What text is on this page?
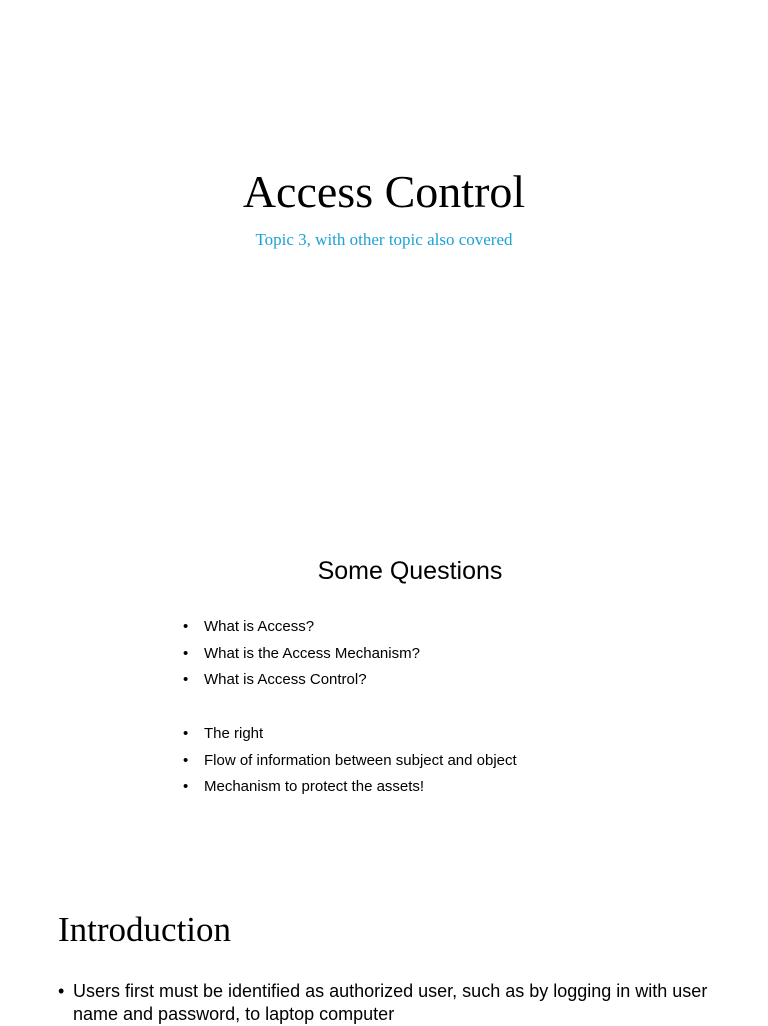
Access Control
Topic 3, with other topic also covered
Some Questions
• What is Access?
• What is the Access Mechanism?
• What is Access Control?
• The right
• Flow of information between subject and object
• Mechanism to protect the assets!
Introduction
• Users first must be identified as authorized user, such as by logging in with user name and password, to laptop computer
